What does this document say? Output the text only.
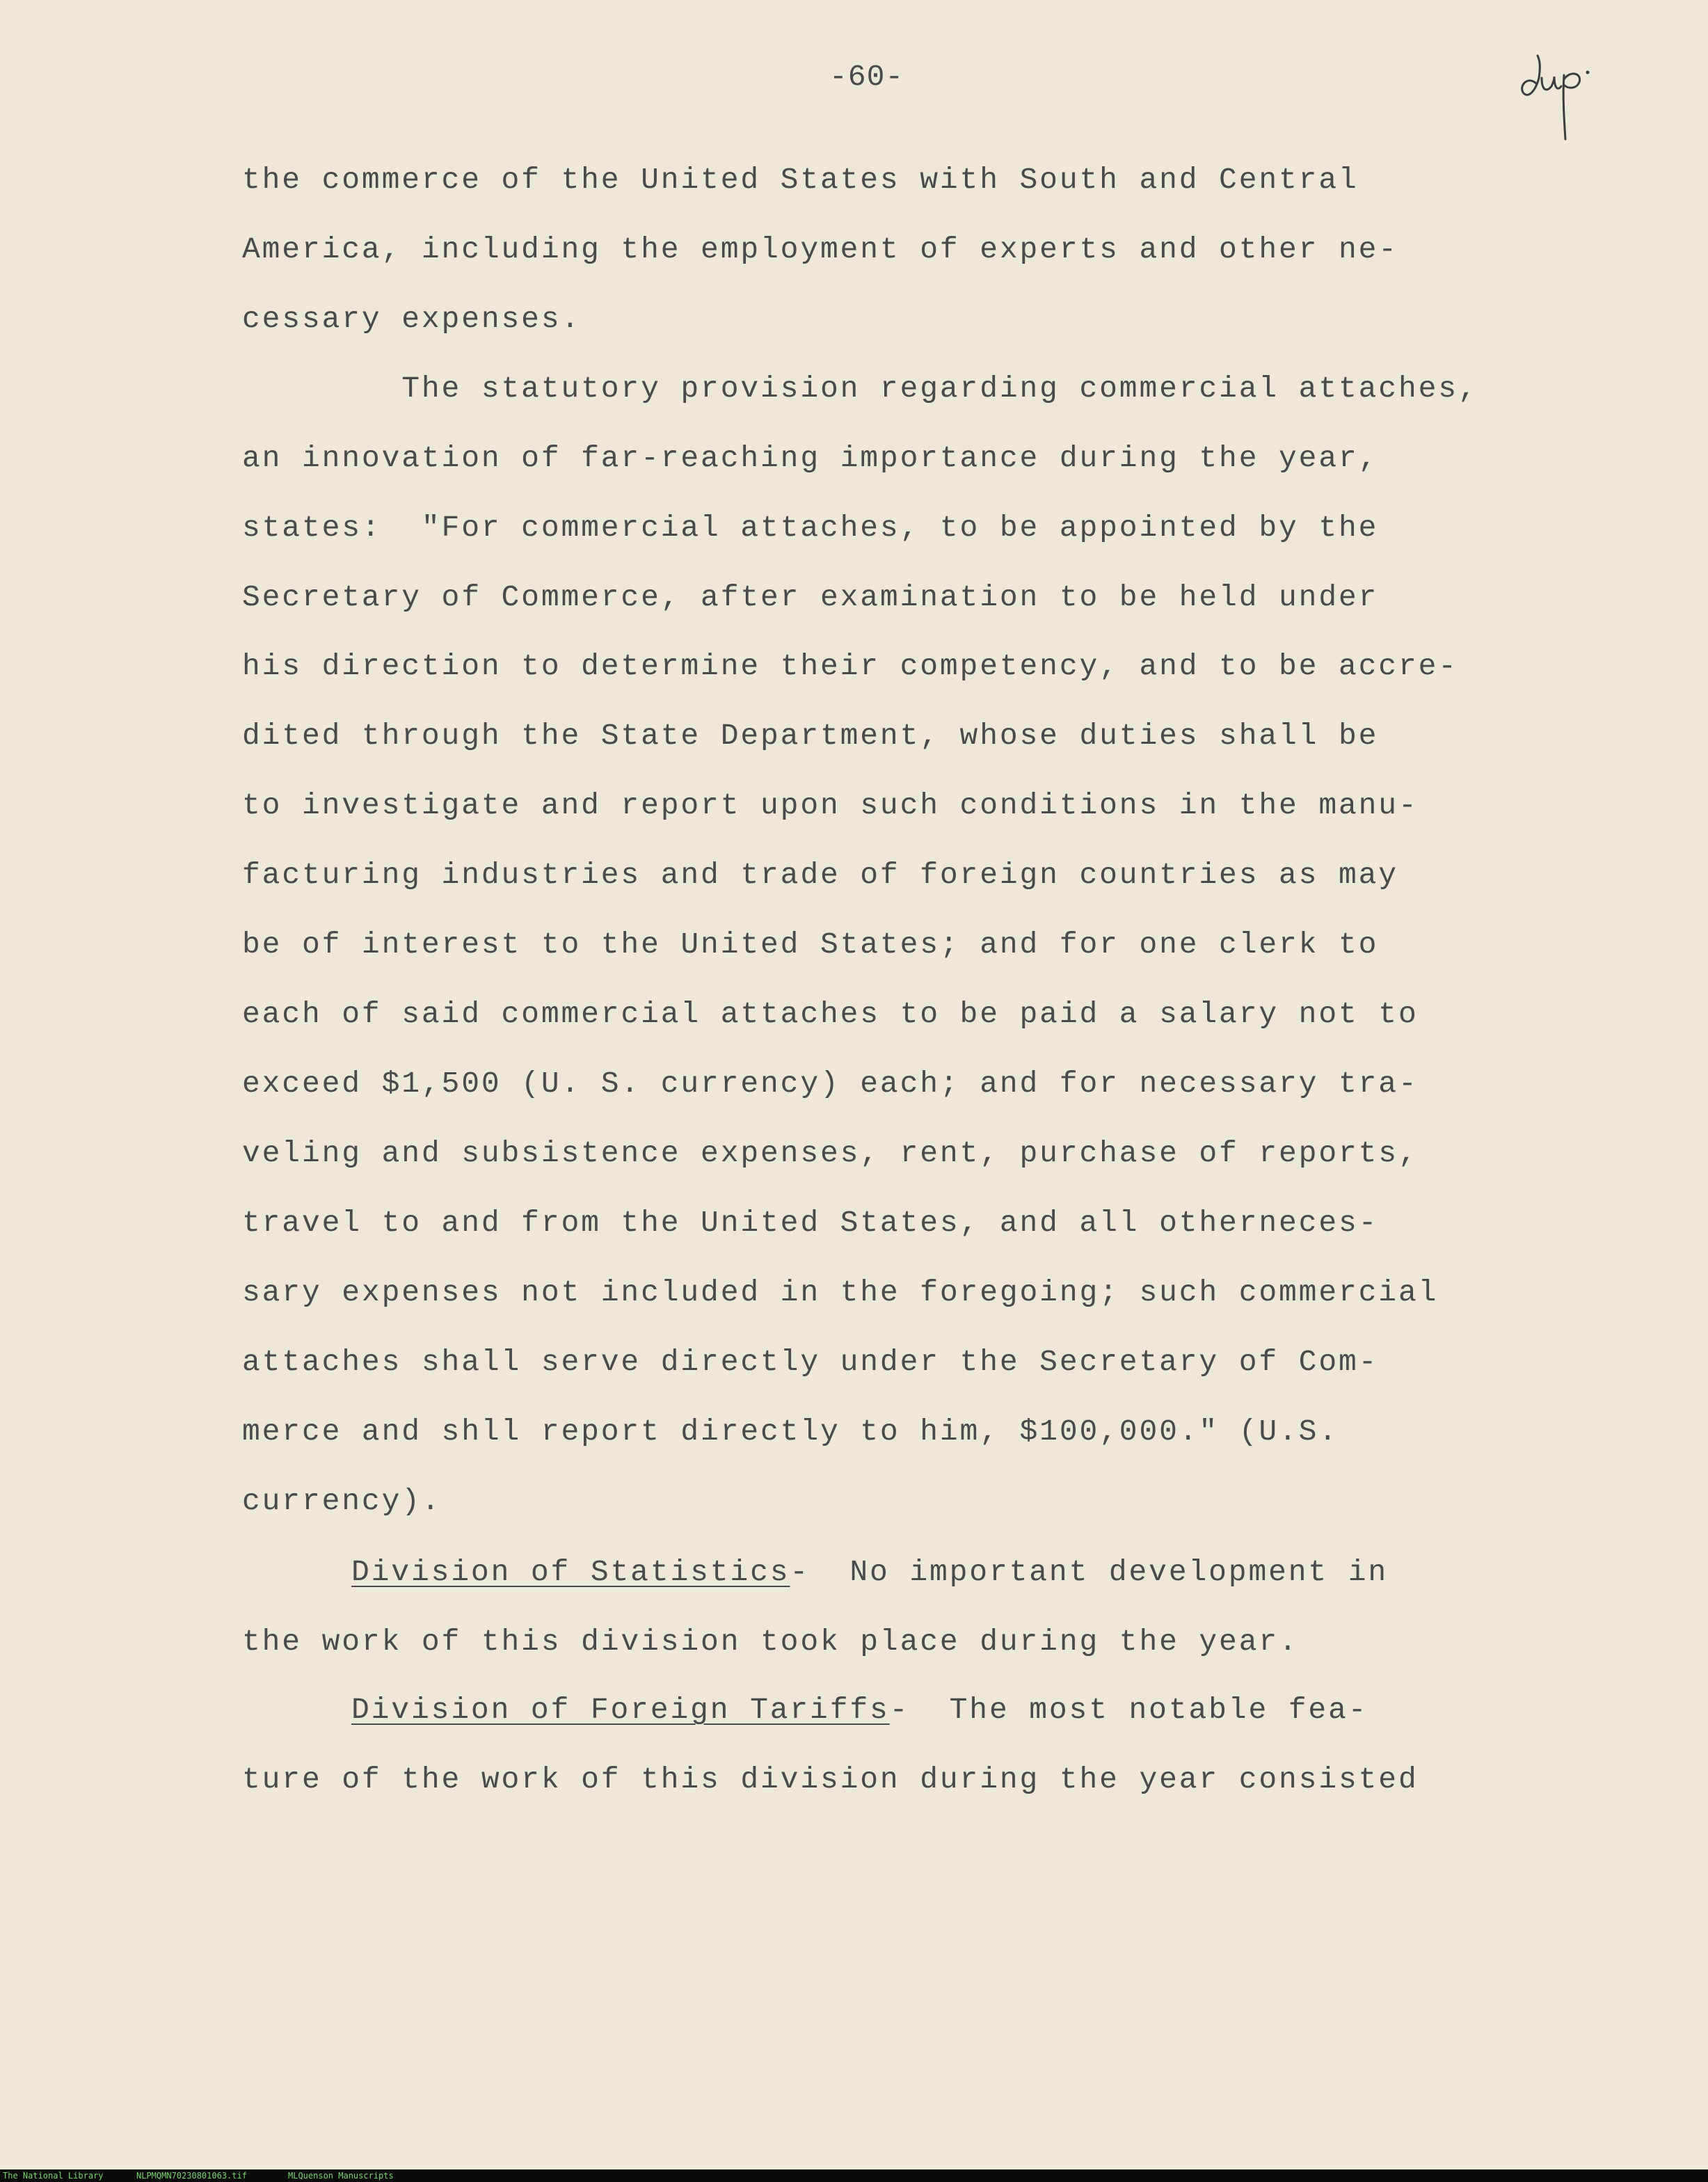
-60-
the commerce of the United States with South and Central
America, including the employment of experts and other ne-
cessary expenses.
The statutory provision regarding commercial attaches,
an innovation of far-reaching importance during the year,
states:  "For commercial attaches, to be appointed by the
Secretary of Commerce, after examination to be held under
his direction to determine their competency, and to be accre-
dited through the State Department, whose duties shall be
to investigate and report upon such conditions in the manu-
facturing industries and trade of foreign countries as may
be of interest to the United States; and for one clerk to
each of said commercial attaches to be paid a salary not to
exceed $1,500 (U. S. currency) each; and for necessary tra-
veling and subsistence expenses, rent, purchase of reports,
travel to and from the United States, and all otherneces-
sary expenses not included in the foregoing; such commercial
attaches shall serve directly under the Secretary of Com-
merce and shll report directly to him, $100,000." (U.S.
currency).
Division of Statistics-  No important development in
the work of this division took place during the year.
Division of Foreign Tariffs-  The most notable fea-
ture of the work of this division during the year consisted
The National Library	NLPMQMN70230801063.tif	MLQuenson Manuscripts
